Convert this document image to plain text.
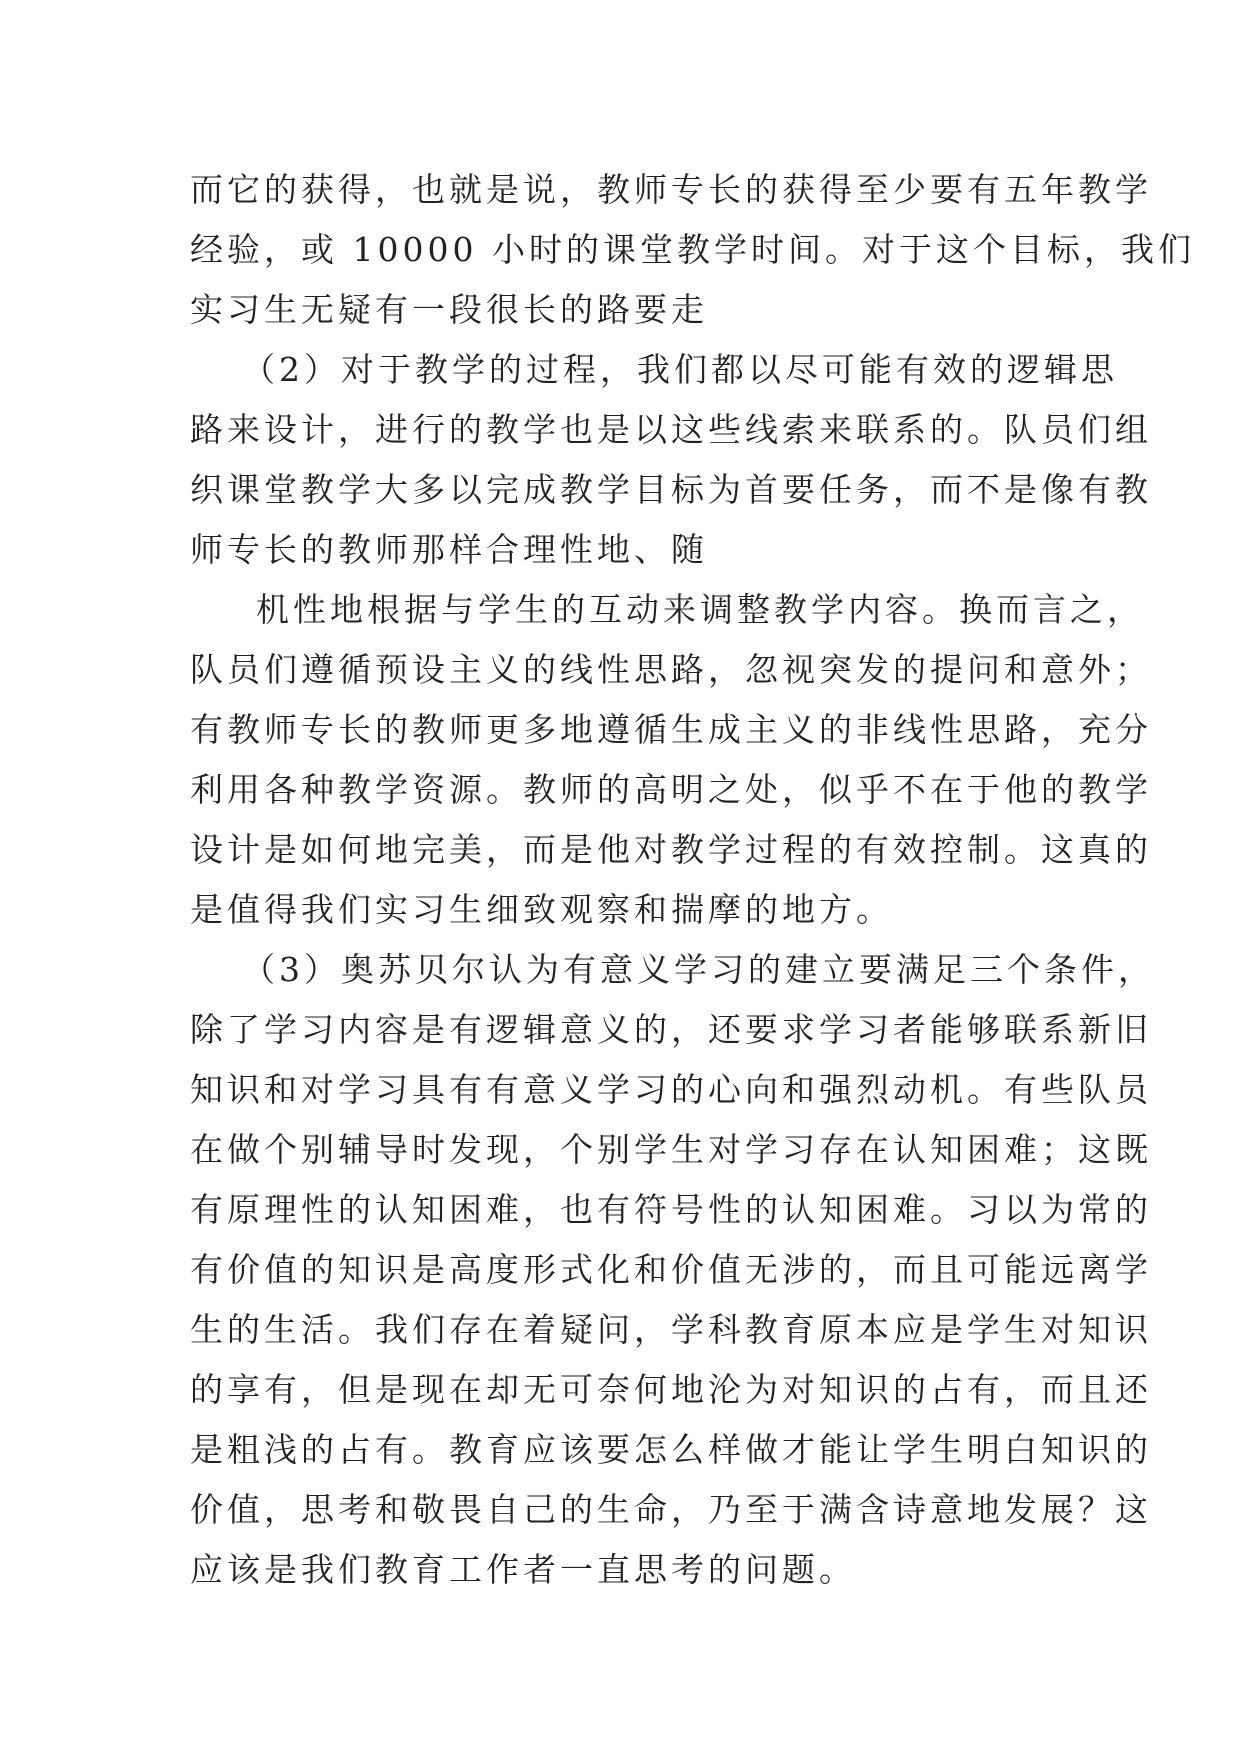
而它的获得，也就是说，教师专长的获得至少要有五年教学
经验，或 10000 小时的课堂教学时间。对于这个目标，我们
实习生无疑有一段很长的路要走
（2）对于教学的过程，我们都以尽可能有效的逻辑思
路来设计，进行的教学也是以这些线索来联系的。队员们组
织课堂教学大多以完成教学目标为首要任务，而不是像有教
师专长的教师那样合理性地、随
机性地根据与学生的互动来调整教学内容。换而言之，
队员们遵循预设主义的线性思路，忽视突发的提问和意外；
有教师专长的教师更多地遵循生成主义的非线性思路，充分
利用各种教学资源。教师的高明之处，似乎不在于他的教学
设计是如何地完美，而是他对教学过程的有效控制。这真的
是值得我们实习生细致观察和揣摩的地方。
（3）奥苏贝尔认为有意义学习的建立要满足三个条件，
除了学习内容是有逻辑意义的，还要求学习者能够联系新旧
知识和对学习具有有意义学习的心向和强烈动机。有些队员
在做个别辅导时发现，个别学生对学习存在认知困难；这既
有原理性的认知困难，也有符号性的认知困难。习以为常的
有价值的知识是高度形式化和价值无涉的，而且可能远离学
生的生活。我们存在着疑问，学科教育原本应是学生对知识
的享有，但是现在却无可奈何地沦为对知识的占有，而且还
是粗浅的占有。教育应该要怎么样做才能让学生明白知识的
价值，思考和敬畏自己的生命，乃至于满含诗意地发展？这
应该是我们教育工作者一直思考的问题。
